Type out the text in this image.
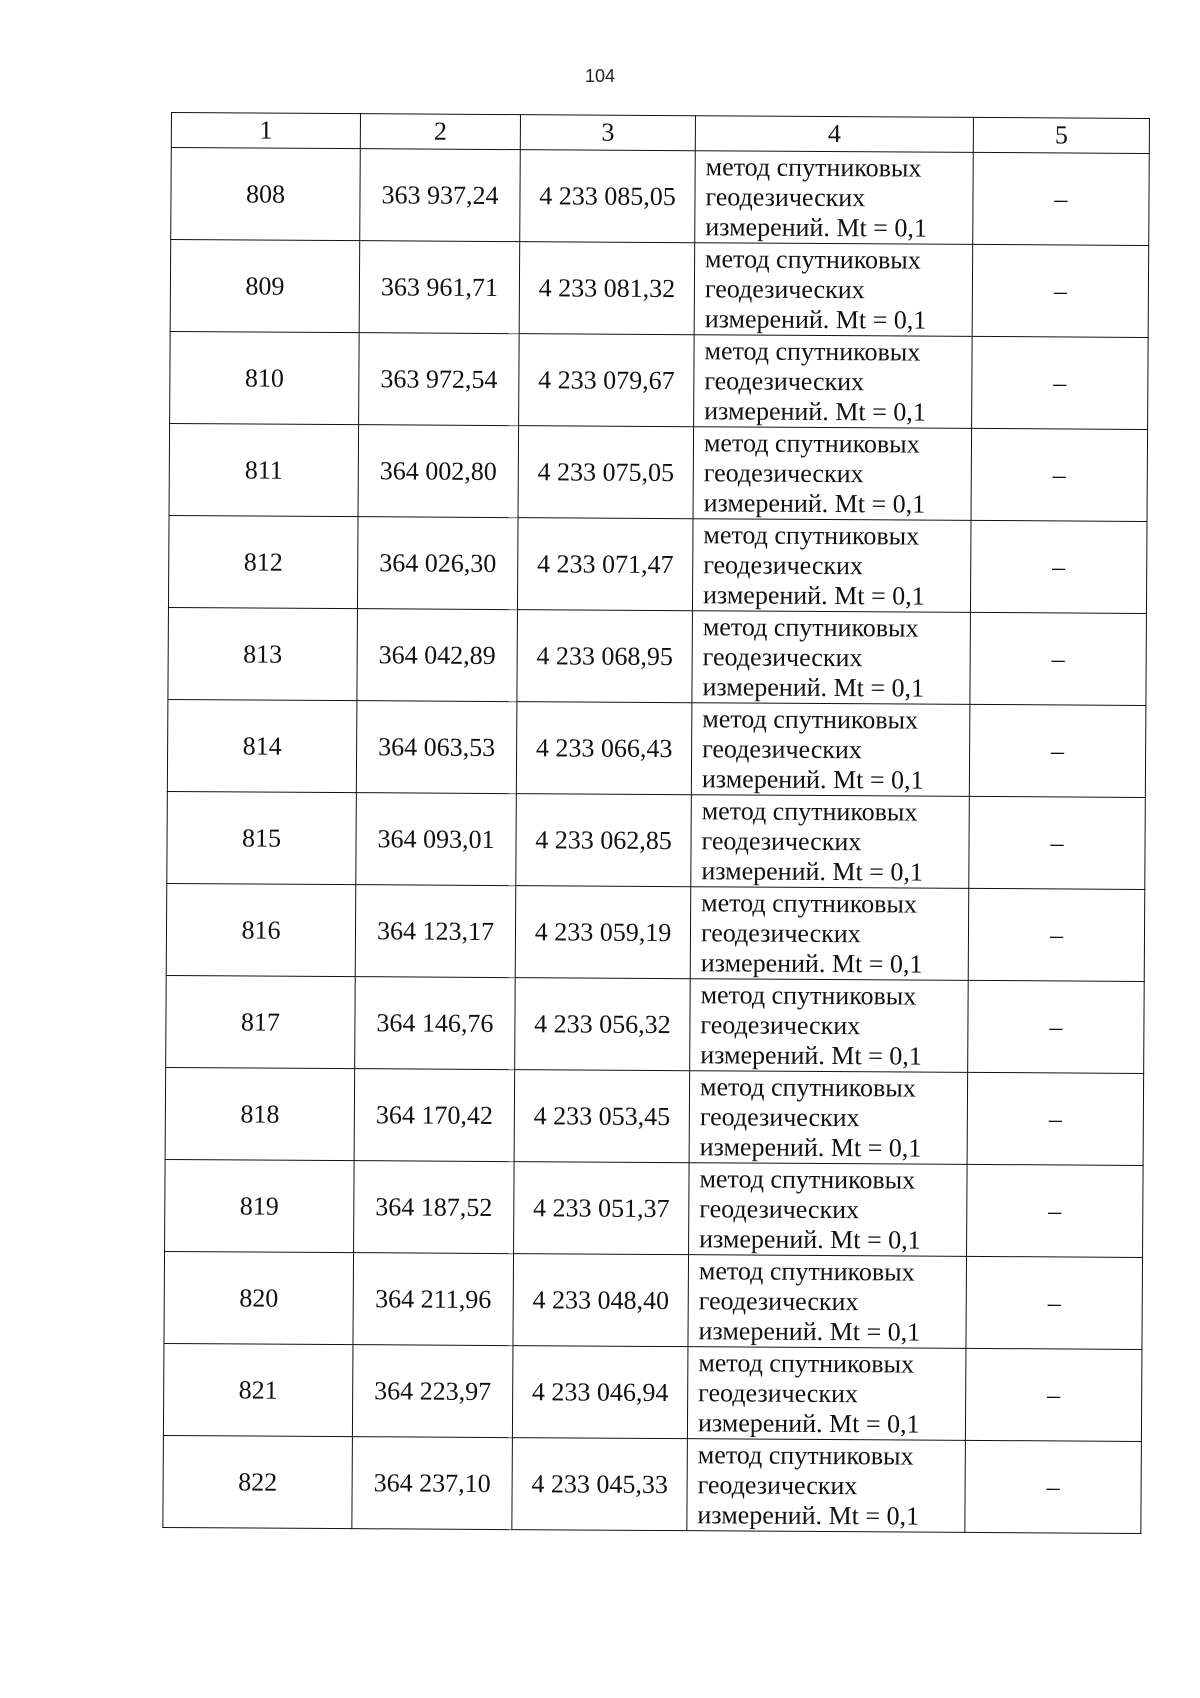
104
1	2	3	4	5
808	363 937,24	4 233 085,05	метод спутниковых
геодезических
измерений. Mt = 0,1	–
809	363 961,71	4 233 081,32	метод спутниковых
геодезических
измерений. Mt = 0,1	–
810	363 972,54	4 233 079,67	метод спутниковых
геодезических
измерений. Mt = 0,1	–
811	364 002,80	4 233 075,05	метод спутниковых
геодезических
измерений. Mt = 0,1	–
812	364 026,30	4 233 071,47	метод спутниковых
геодезических
измерений. Mt = 0,1	–
813	364 042,89	4 233 068,95	метод спутниковых
геодезических
измерений. Mt = 0,1	–
814	364 063,53	4 233 066,43	метод спутниковых
геодезических
измерений. Mt = 0,1	–
815	364 093,01	4 233 062,85	метод спутниковых
геодезических
измерений. Mt = 0,1	–
816	364 123,17	4 233 059,19	метод спутниковых
геодезических
измерений. Mt = 0,1	–
817	364 146,76	4 233 056,32	метод спутниковых
геодезических
измерений. Mt = 0,1	–
818	364 170,42	4 233 053,45	метод спутниковых
геодезических
измерений. Mt = 0,1	–
819	364 187,52	4 233 051,37	метод спутниковых
геодезических
измерений. Mt = 0,1	–
820	364 211,96	4 233 048,40	метод спутниковых
геодезических
измерений. Mt = 0,1	–
821	364 223,97	4 233 046,94	метод спутниковых
геодезических
измерений. Mt = 0,1	–
822	364 237,10	4 233 045,33	метод спутниковых
геодезических
измерений. Mt = 0,1	–
